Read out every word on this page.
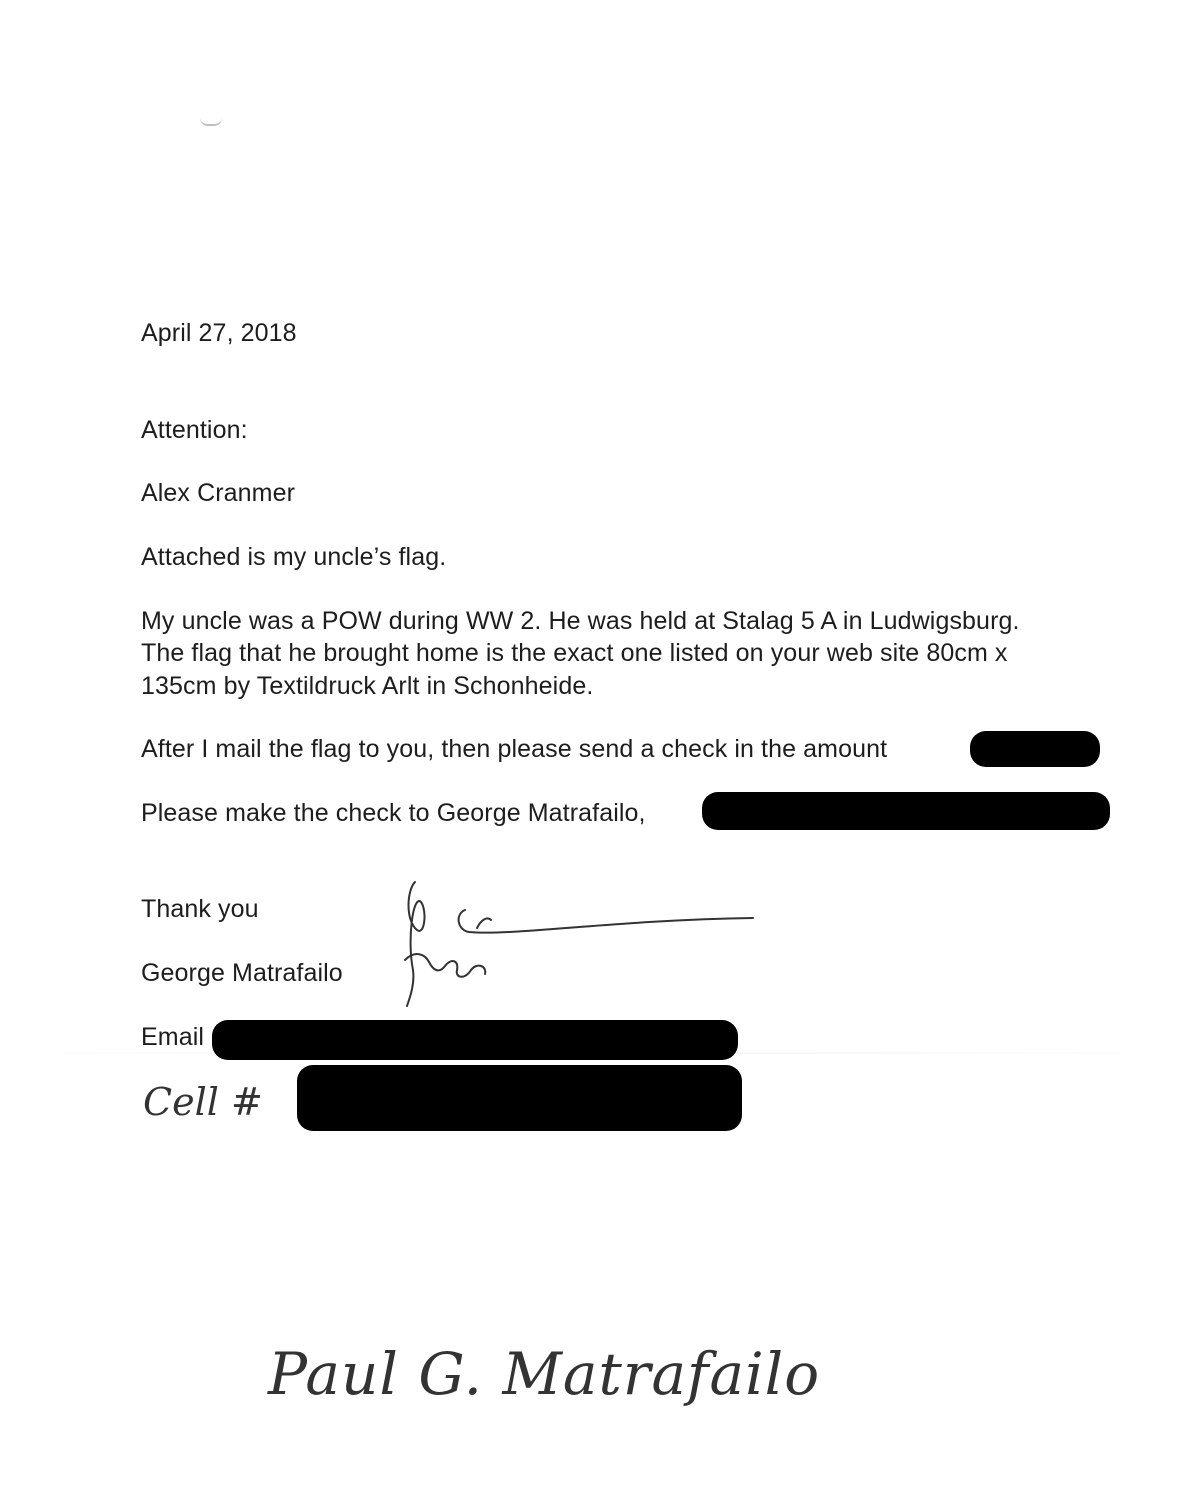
April 27, 2018
Attention:
Alex Cranmer
Attached is my uncle’s flag.
My uncle was a POW during WW 2. He was held at Stalag 5 A in Ludwigsburg.
The flag that he brought home is the exact one listed on your web site 80cm x
135cm by Textildruck Arlt in Schonheide.
After I mail the flag to you, then please send a check in the amount
Please make the check to George Matrafailo,
Thank you
George Matrafailo
Email
Cell #
Paul G. Matrafailo
